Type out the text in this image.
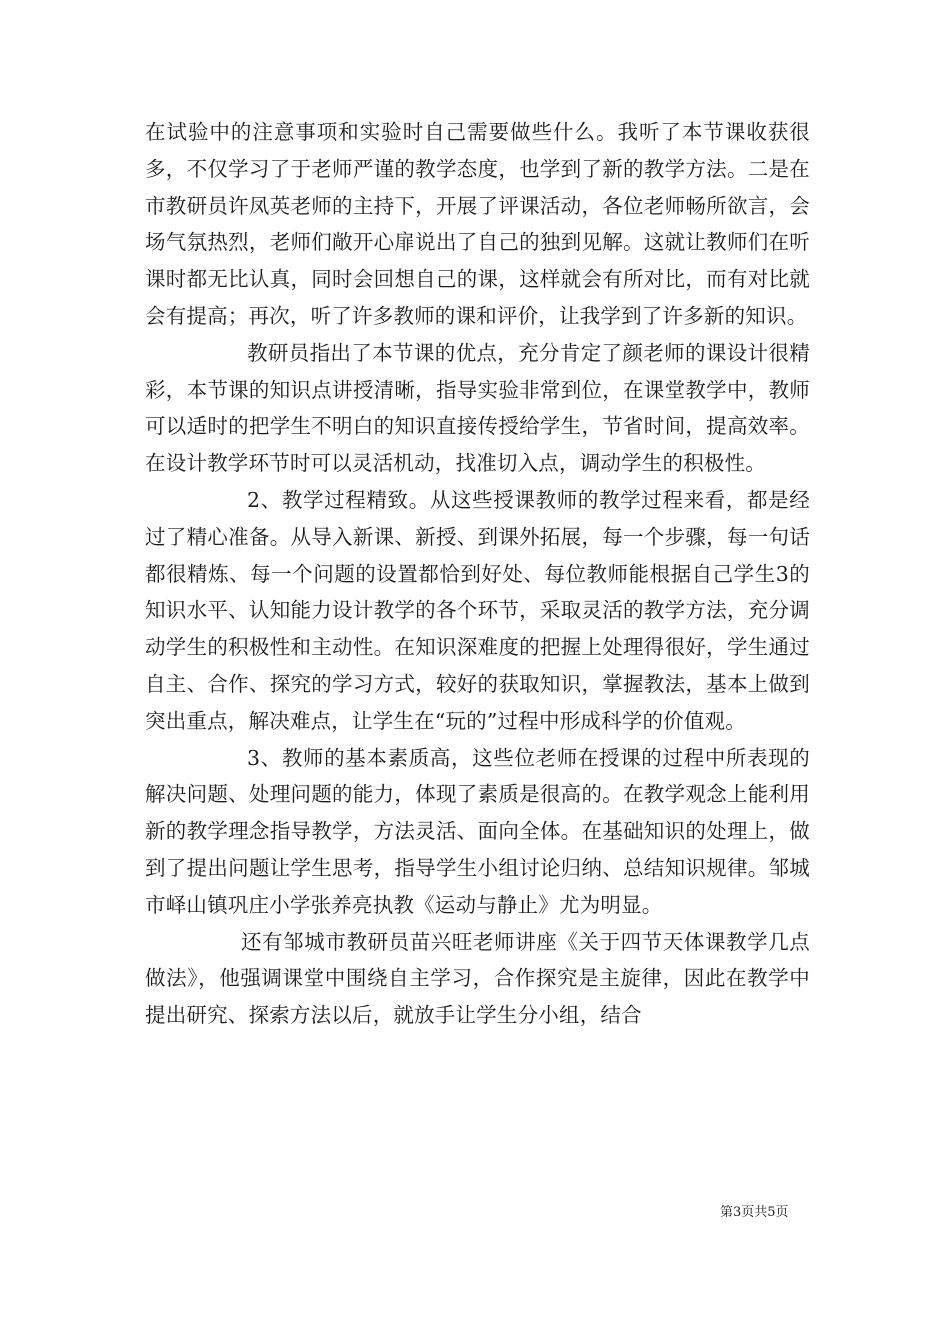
在试验中的注意事项和实验时自己需要做些什么。我听了本节课收获很多，不仅学习了于老师严谨的教学态度，也学到了新的教学方法。二是在市教研员许凤英老师的主持下，开展了评课活动，各位老师畅所欲言，会场气氛热烈，老师们敞开心扉说出了自己的独到见解。这就让教师们在听课时都无比认真，同时会回想自己的课，这样就会有所对比，而有对比就会有提高；再次，听了许多教师的课和评价，让我学到了许多新的知识。

教研员指出了本节课的优点，充分肯定了颜老师的课设计很精彩，本节课的知识点讲授清晰，指导实验非常到位，在课堂教学中，教师可以适时的把学生不明白的知识直接传授给学生，节省时间，提高效率。在设计教学环节时可以灵活机动，找准切入点，调动学生的积极性。

2、教学过程精致。从这些授课教师的教学过程来看，都是经过了精心准备。从导入新课、新授、到课外拓展，每一个步骤，每一句话都很精炼、每一个问题的设置都恰到好处、每位教师能根据自己学生3的知识水平、认知能力设计教学的各个环节，采取灵活的教学方法，充分调动学生的积极性和主动性。在知识深难度的把握上处理得很好，学生通过自主、合作、探究的学习方式，较好的获取知识，掌握教法，基本上做到突出重点，解决难点，让学生在“玩的”过程中形成科学的价值观。

3、教师的基本素质高，这些位老师在授课的过程中所表现的解决问题、处理问题的能力，体现了素质是很高的。在教学观念上能利用新的教学理念指导教学，方法灵活、面向全体。在基础知识的处理上，做到了提出问题让学生思考，指导学生小组讨论归纳、总结知识规律。邹城市峄山镇巩庄小学张养亮执教《运动与静止》尤为明显。

还有邹城市教研员苗兴旺老师讲座《关于四节天体课教学几点做法》，他强调课堂中围绕自主学习，合作探究是主旋律，因此在教学中提出研究、探索方法以后，就放手让学生分小组，结合

第3页共5页
